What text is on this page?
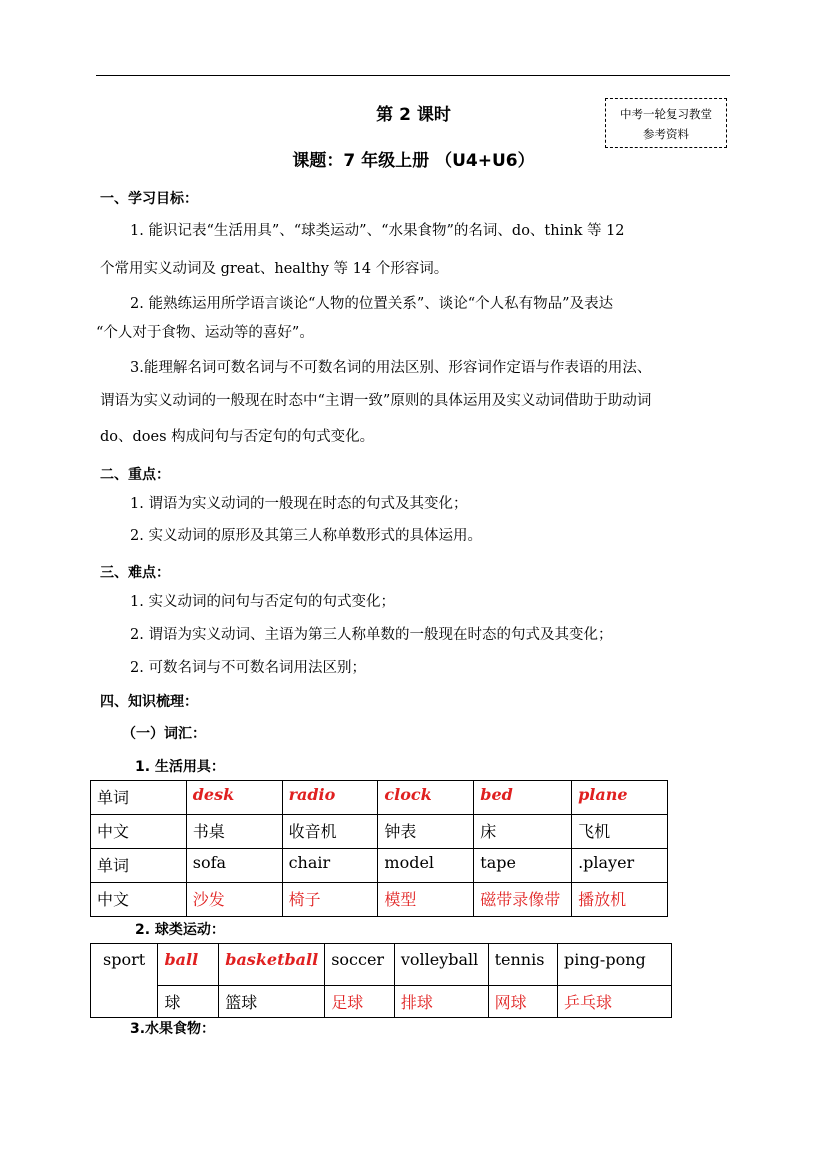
中考一轮复习教堂
参考资料
第 2 课时
课题：7 年级上册 （U4+U6）
一、学习目标：
1. 能识记表“生活用具”、“球类运动”、“水果食物”的名词、do、think 等 12
个常用实义动词及 great、healthy 等 14 个形容词。
2. 能熟练运用所学语言谈论“人物的位置关系”、谈论“个人私有物品”及表达
“个人对于食物、运动等的喜好”。
3.能理解名词可数名词与不可数名词的用法区别、形容词作定语与作表语的用法、
谓语为实义动词的一般现在时态中“主谓一致”原则的具体运用及实义动词借助于助动词
do、does 构成问句与否定句的句式变化。
二、重点：
1. 谓语为实义动词的一般现在时态的句式及其变化；
2. 实义动词的原形及其第三人称单数形式的具体运用。
三、难点：
1. 实义动词的问句与否定句的句式变化；
2. 谓语为实义动词、主语为第三人称单数的一般现在时态的句式及其变化；
2. 可数名词与不可数名词用法区别；
四、知识梳理：
（一）词汇：
1. 生活用具：
单词	desk	radio	clock	bed	plane
中文	书桌	收音机	钟表	床	飞机
单词	sofa	chair	model	tape	.player
中文	沙发	椅子	模型	磁带录像带	播放机
2. 球类运动：
sport	ball	basketball	soccer	volleyball	tennis	ping-pong
	球	篮球	足球	排球	网球	乒乓球
3.水果食物：
